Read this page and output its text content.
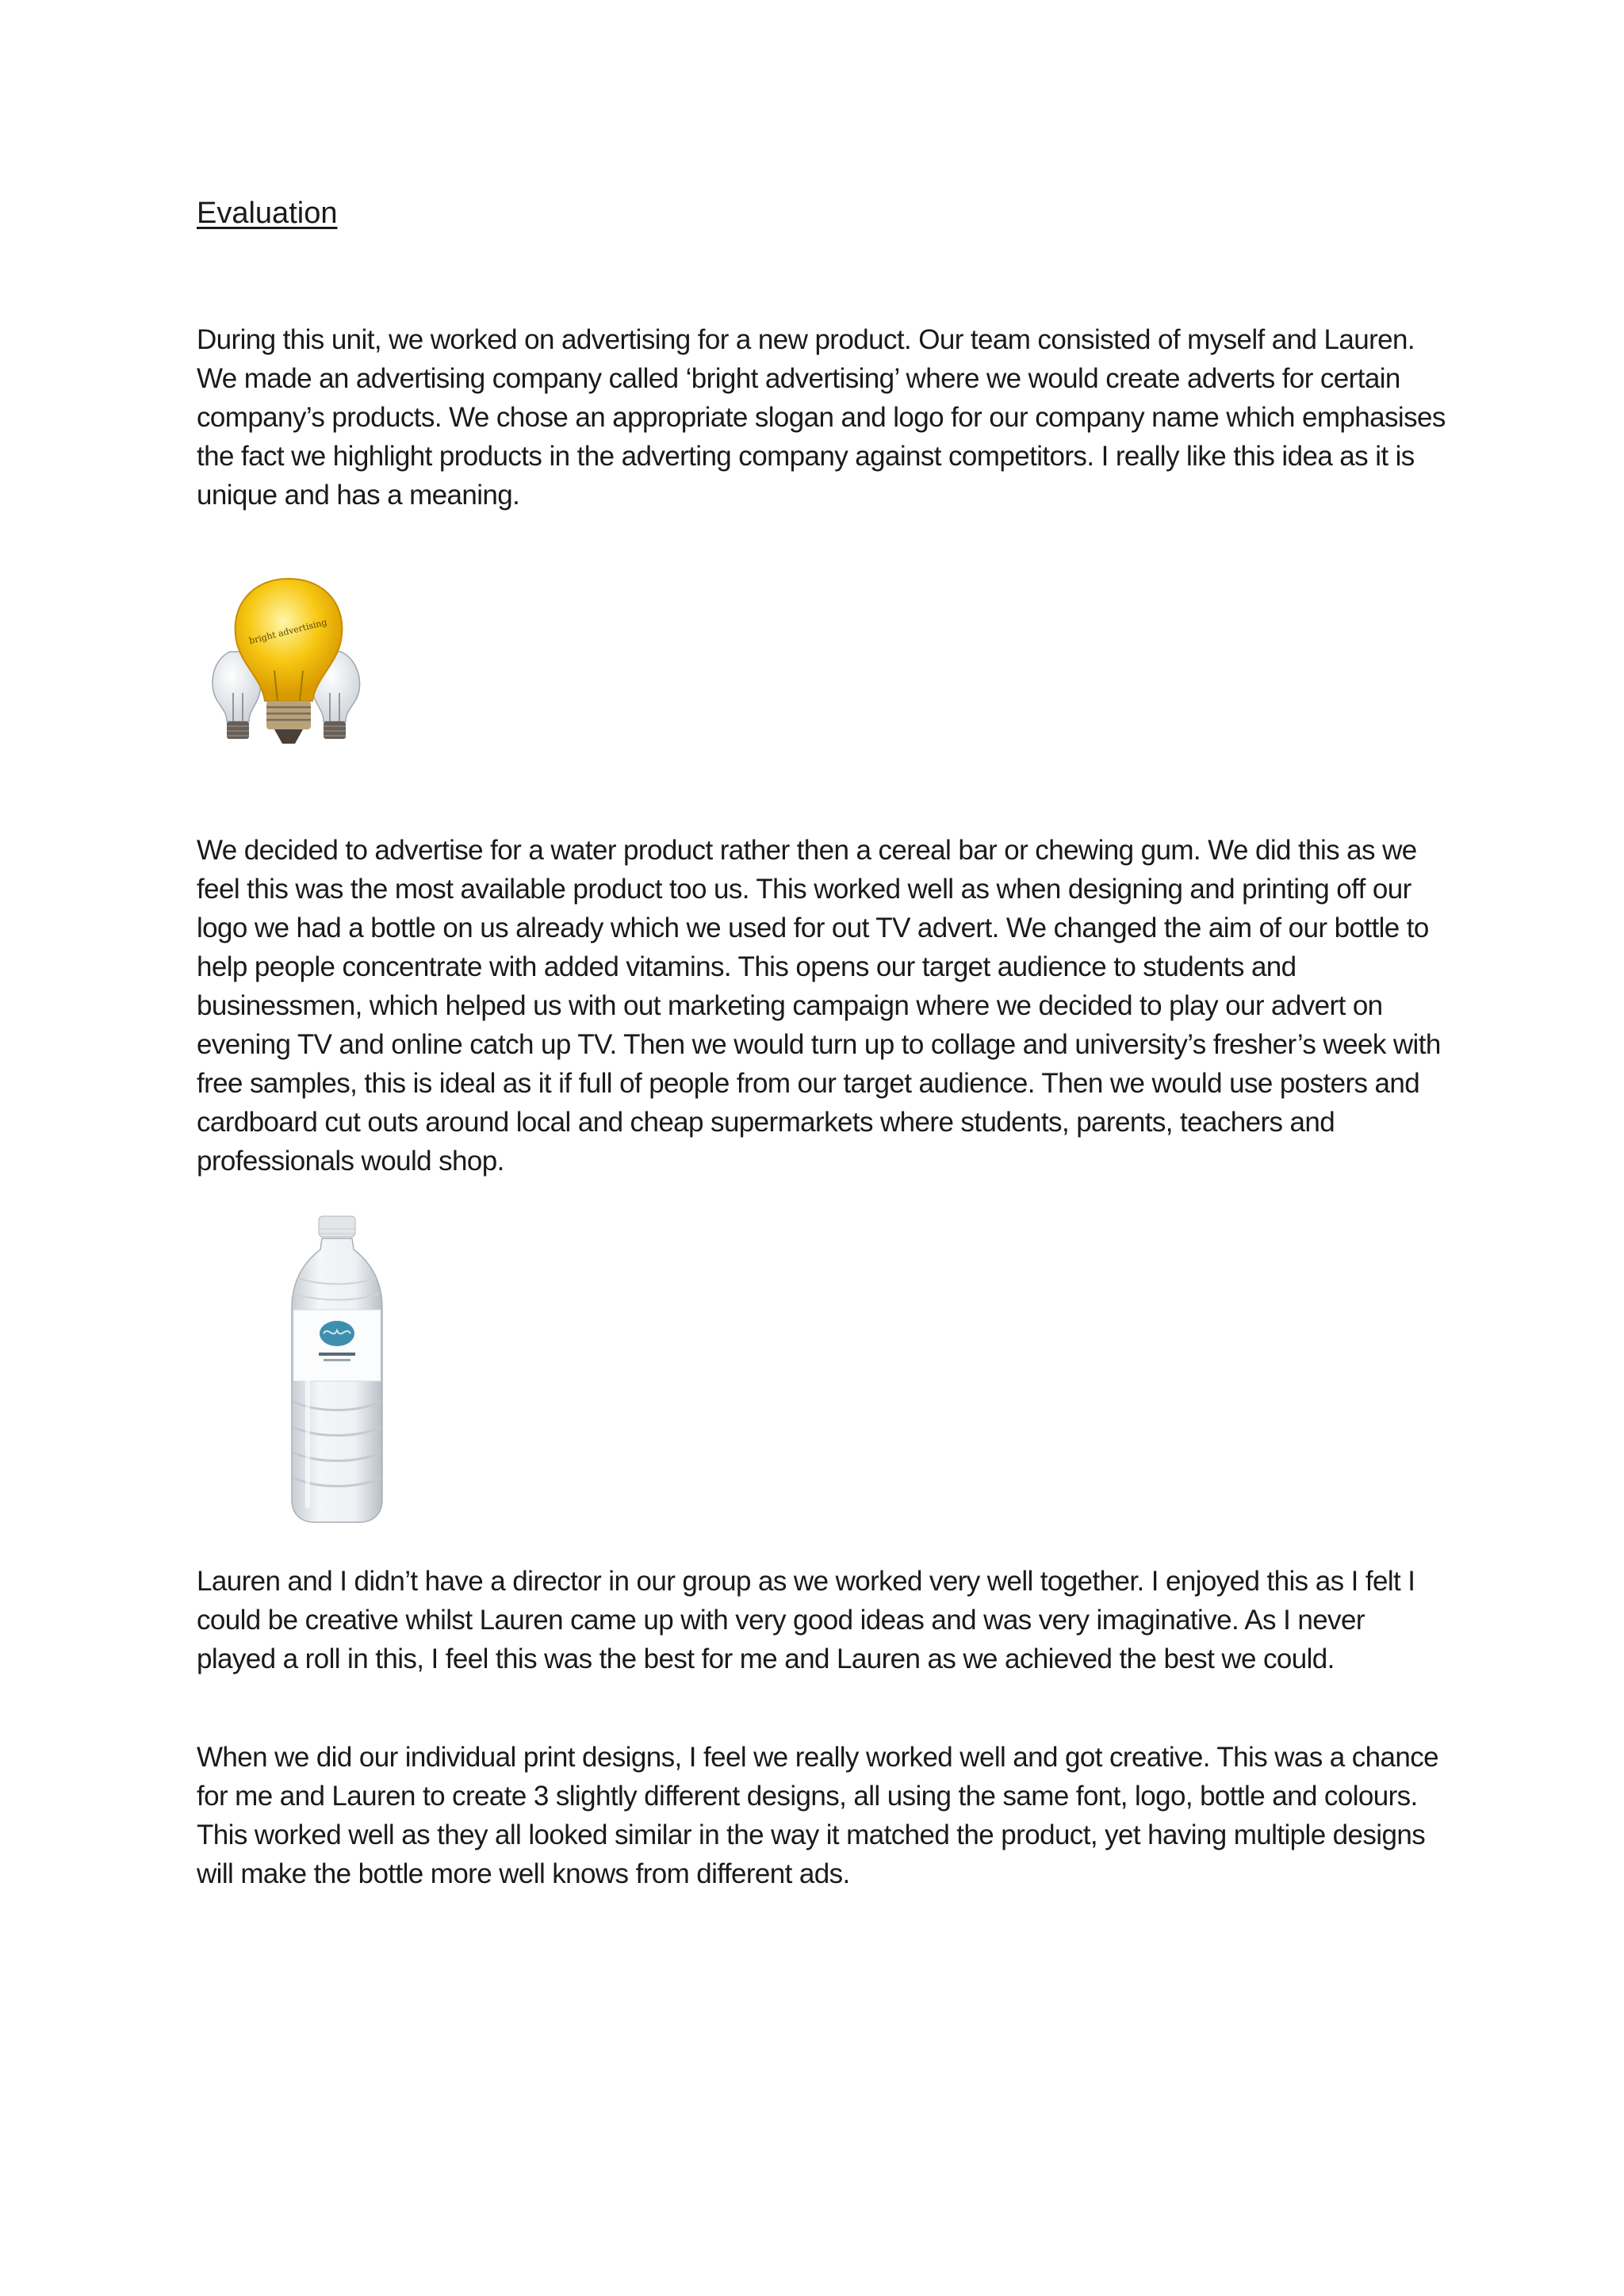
Evaluation

During this unit, we worked on advertising for a new product. Our team consisted of myself and Lauren. We made an advertising company called ‘bright advertising’ where we would create adverts for certain company’s products. We chose an appropriate slogan and logo for our company name which emphasises the fact we highlight products in the adverting company against competitors. I really like this idea as it is unique and has a meaning.

bright advertising

We decided to advertise for a water product rather then a cereal bar or chewing gum. We did this as we feel this was the most available product too us. This worked well as when designing and printing off our logo we had a bottle on us already which we used for out TV advert. We changed the aim of our bottle to help people concentrate with added vitamins. This opens our target audience to students and businessmen, which helped us with out marketing campaign where we decided to play our advert on evening TV and online catch up TV. Then we would turn up to collage and university’s fresher’s week with free samples, this is ideal as it if full of people from our target audience. Then we would use posters and cardboard cut outs around local and cheap supermarkets where students, parents, teachers and professionals would shop.

Lauren and I didn’t have a director in our group as we worked very well together. I enjoyed this as I felt I could be creative whilst Lauren came up with very good ideas and was very imaginative. As I never played a roll in this, I feel this was the best for me and Lauren as we achieved the best we could.

When we did our individual print designs, I feel we really worked well and got creative. This was a chance for me and Lauren to create 3 slightly different designs, all using the same font, logo, bottle and colours. This worked well as they all looked similar in the way it matched the product, yet having multiple designs will make the bottle more well knows from different ads.
